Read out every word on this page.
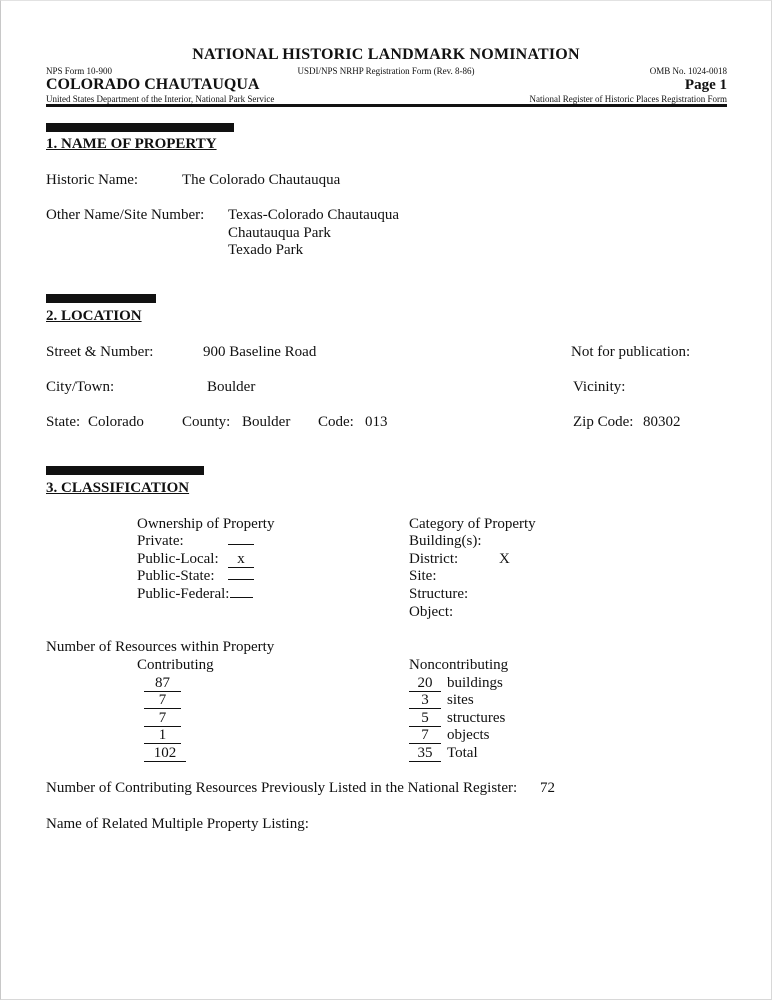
NATIONAL HISTORIC LANDMARK NOMINATION
NPS Form 10-900	USDI/NPS NRHP Registration Form (Rev. 8-86)	OMB No. 1024-0018
COLORADO CHAUTAUQUA	Page 1
United States Department of the Interior, National Park Service	National Register of Historic Places Registration Form
1. NAME OF PROPERTY
Historic Name:	The Colorado Chautauqua
Other Name/Site Number: Texas-Colorado Chautauqua
Chautauqua Park
Texado Park
2. LOCATION
Street & Number:	900 Baseline Road	Not for publication:
City/Town:	Boulder	Vicinity:
State: Colorado	County: Boulder Code: 013	Zip Code: 80302
3. CLASSIFICATION
Ownership of Property
Private:
Public-Local:	x
Public-State:
Public-Federal:
Category of Property
Building(s):
District:	X
Site:
Structure:
Object:
Number of Resources within Property
Contributing	Noncontributing
87	20 buildings
7	3	sites
7	5	structures
1	7	objects
102	35 Total
Number of Contributing Resources Previously Listed in the National Register: 72
Name of Related Multiple Property Listing:
